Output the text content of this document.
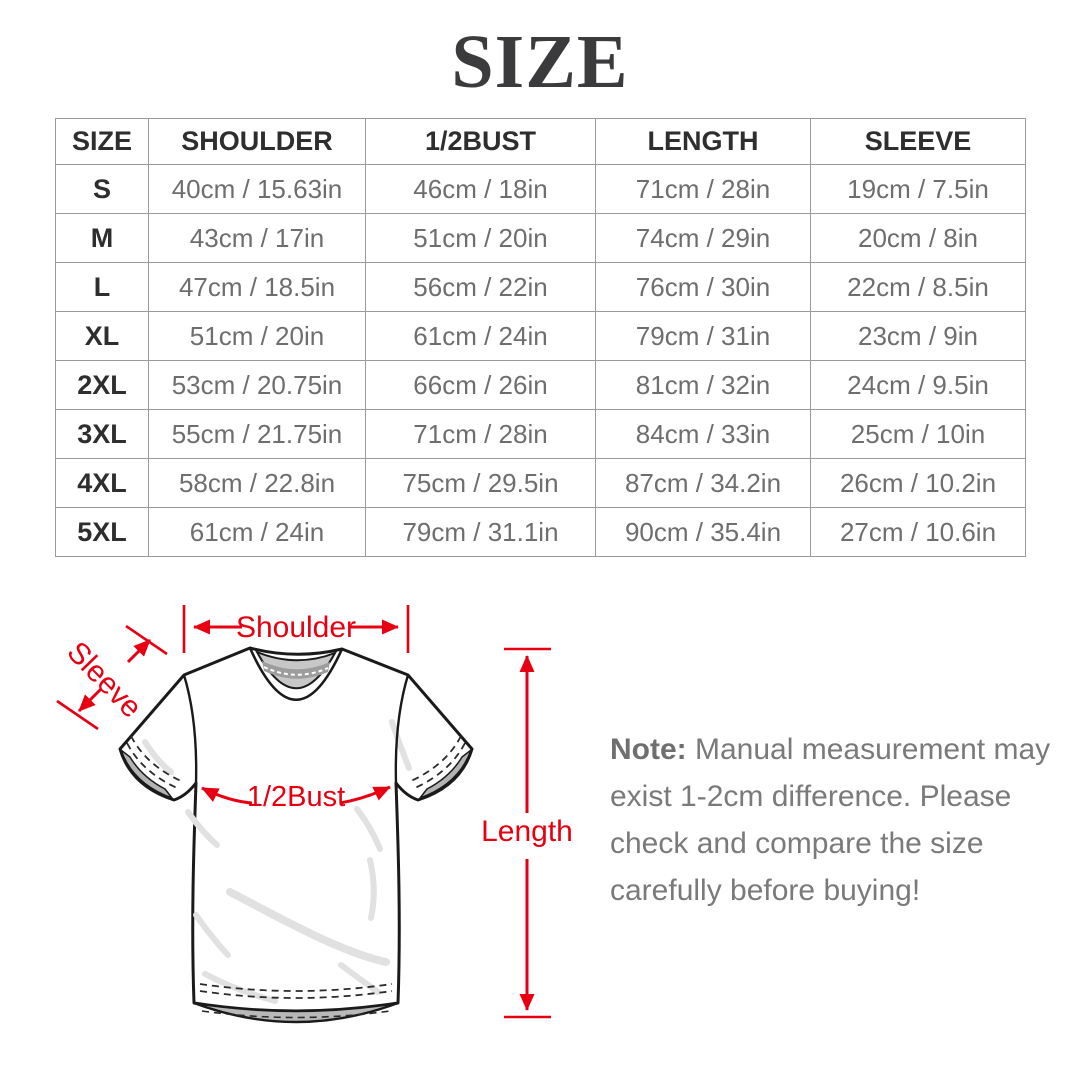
SIZE
SIZE	SHOULDER	1/2BUST	LENGTH	SLEEVE
S	40cm / 15.63in	46cm / 18in	71cm / 28in	19cm / 7.5in
M	43cm / 17in	51cm / 20in	74cm / 29in	20cm / 8in
L	47cm / 18.5in	56cm / 22in	76cm / 30in	22cm / 8.5in
XL	51cm / 20in	61cm / 24in	79cm / 31in	23cm / 9in
2XL	53cm / 20.75in	66cm / 26in	81cm / 32in	24cm / 9.5in
3XL	55cm / 21.75in	71cm / 28in	84cm / 33in	25cm / 10in
4XL	58cm / 22.8in	75cm / 29.5in	87cm / 34.2in	26cm / 10.2in
5XL	61cm / 24in	79cm / 31.1in	90cm / 35.4in	27cm / 10.6in
Shoulder
Sleeve
1/2Bust
Length

Note: Manual measurement may
exist 1-2cm difference. Please
check and compare the size
carefully before buying!
